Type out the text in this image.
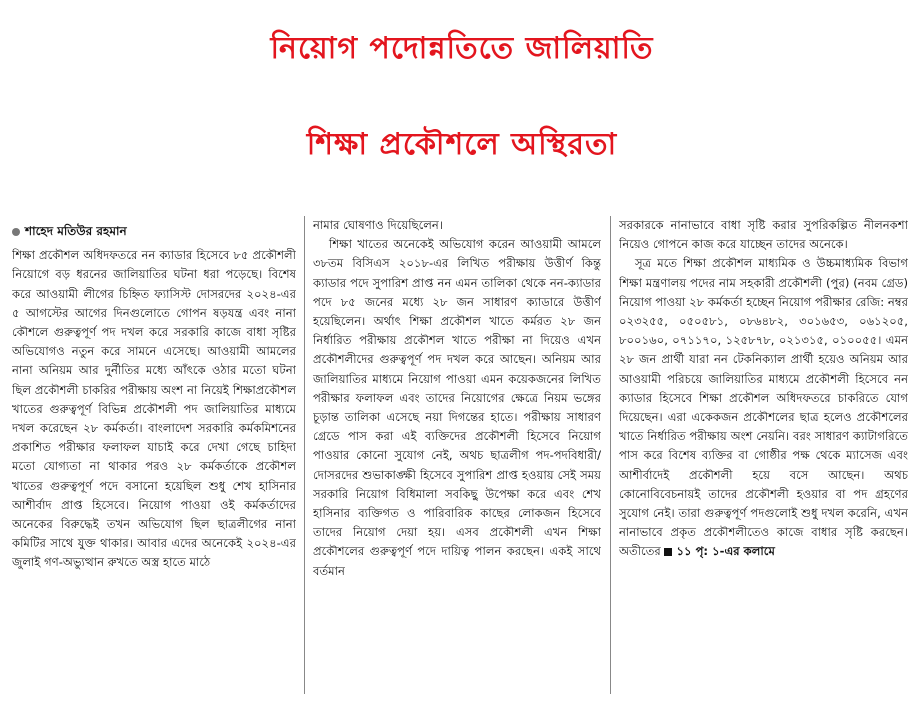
নিয়োগ পদোন্নতিতে জালিয়াতি
শিক্ষা প্রকৌশলে অস্থিরতা
শাহেদ মতিউর রহমান

শিক্ষা প্রকৌশল অধিদফতরে নন ক্যাডার হিসেবে ৮৫ প্রকৌশলী নিয়োগে বড় ধরনের জালিয়াতির ঘটনা ধরা পড়েছে। বিশেষ করে আওয়ামী লীগের চিহ্নিত ফ্যাসিস্ট দোসরদের ২০২৪-এর ৫ আগস্টের আগের দিনগুলোতে গোপন ষড়যন্ত্র এবং নানা কৌশলে গুরুত্বপূর্ণ পদ দখল করে সরকারি কাজে বাধা সৃষ্টির অভিযোগও নতুন করে সামনে এসেছে। আওয়ামী আমলের নানা অনিয়ম আর দুর্নীতির মধ্যে আঁৎকে ওঠার মতো ঘটনা ছিল প্রকৌশলী চাকরির পরীক্ষায় অংশ না নিয়েই শিক্ষাপ্রকৌশল খাতের গুরুত্বপূর্ণ বিভিন্ন প্রকৌশলী পদ জালিয়াতির মাধ্যমে দখল করেছেন ২৮ কর্মকর্তা। বাংলাদেশ সরকারি কর্মকমিশনের প্রকাশিত পরীক্ষার ফলাফল যাচাই করে দেখা গেছে চাহিদা মতো যোগ্যতা না থাকার পরও ২৮ কর্মকর্তাকে প্রকৌশল খাতের গুরুত্বপূর্ণ পদে বসানো হয়েছিল শুধু শেখ হাসিনার আশীর্বাদ প্রাপ্ত হিসেবে। নিয়োগ পাওয়া ওই কর্মকর্তাদের অনেকের বিরুদ্ধেই তখন অভিযোগ ছিল ছাত্রলীগের নানা কমিটির সাথে যুক্ত থাকার। আবার এদের অনেকেই ২০২৪-এর জুলাই গণ-অভ্যুত্থান রুখতে অস্ত্র হাতে মাঠে

নামার ঘোষণাও দিয়েছিলেন।

শিক্ষা খাতের অনেকেই অভিযোগ করেন আওয়ামী আমলে ৩৮তম বিসিএস ২০১৮-এর লিখিত পরীক্ষায় উত্তীর্ণ কিন্তু ক্যাডার পদে সুপারিশ প্রাপ্ত নন এমন তালিকা থেকে নন-ক্যাডার পদে ৮৫ জনের মধ্যে ২৮ জন সাধারণ ক্যাডারে উত্তীর্ণ হয়েছিলেন। অর্থাৎ শিক্ষা প্রকৌশল খাতে কর্মরত ২৮ জন নির্ধারিত পরীক্ষায় প্রকৌশল খাতে পরীক্ষা না দিয়েও এখন প্রকৌশলীদের গুরুত্বপূর্ণ পদ দখল করে আছেন। অনিয়ম আর জালিয়াতির মাধ্যমে নিয়োগ পাওয়া এমন কয়েকজনের লিখিত পরীক্ষার ফলাফল এবং তাদের নিয়োগের ক্ষেত্রে নিয়ম ভঙ্গের চূড়ান্ত তালিকা এসেছে নয়া দিগন্তের হাতে। পরীক্ষায় সাধারণ গ্রেডে পাস করা এই ব্যক্তিদের প্রকৌশলী হিসেবে নিয়োগ পাওয়ার কোনো সুযোগ নেই, অথচ ছাত্রলীগ পদ-পদবিধারী/দোসরদের শুভাকাঙ্ক্ষী হিসেবে সুপারিশ প্রাপ্ত হওয়ায় সেই সময় সরকারি নিয়োগ বিধিমালা সবকিছু উপেক্ষা করে এবং শেখ হাসিনার ব্যক্তিগত ও পারিবারিক কাছের লোকজন হিসেবে তাদের নিয়োগ দেয়া হয়। এসব প্রকৌশলী এখন শিক্ষা প্রকৌশলের গুরুত্বপূর্ণ পদে দায়িত্ব পালন করছেন। একই সাথে বর্তমান

সরকারকে নানাভাবে বাধা সৃষ্টি করার সুপরিকল্পিত নীলনকশা নিয়েও গোপনে কাজ করে যাচ্ছেন তাদের অনেকে।

সূত্র মতে শিক্ষা প্রকৌশল মাধ্যমিক ও উচ্চমাধ্যমিক বিভাগ শিক্ষা মন্ত্রণালয় পদের নাম সহকারী প্রকৌশলী (পুর) (নবম গ্রেড) নিয়োগ পাওয়া ২৮ কর্মকর্তা হচ্ছেন নিয়োগ পরীক্ষার রেজি: নম্বর ০২৩২৫৫, ০৫০৫৮১, ০৮৬৪৮২, ৩০১৬৫৩, ০৬১২০৫, ৮০০১৬০, ০৭১১৭০, ১২৫৮৭৮, ০২১৩১৫, ০১০০৫৫। এমন ২৮ জন প্রার্থী যারা নন টেকনিক্যাল প্রার্থী হয়েও অনিয়ম আর আওয়ামী পরিচয়ে জালিয়াতির মাধ্যমে প্রকৌশলী হিসেবে নন ক্যাডার হিসেবে শিক্ষা প্রকৌশল অধিদফতরে চাকরিতে যোগ দিয়েছেন। এরা একেকজন প্রকৌশলের ছাত্র হলেও প্রকৌশলের খাতে নির্ধারিত পরীক্ষায় অংশ নেয়নি। বরং সাধারণ ক্যাটাগরিতে পাস করে বিশেষ ব্যক্তির বা গোষ্ঠীর পক্ষ থেকে ম্যাসেজ এবং আশীর্বাদেই প্রকৌশলী হয়ে বসে আছেন। অথচ কোনোবিবেচনায়ই তাদের প্রকৌশলী হওয়ার বা পদ গ্রহণের সুযোগ নেই। তারা গুরুত্বপূর্ণ পদগুলোই শুধু দখল করেনি, এখন নানাভাবে প্রকৃত প্রকৌশলীতেও কাজে বাধার সৃষ্টি করছেন। অতীতের ১১ পৃ: ১-এর কলামে
